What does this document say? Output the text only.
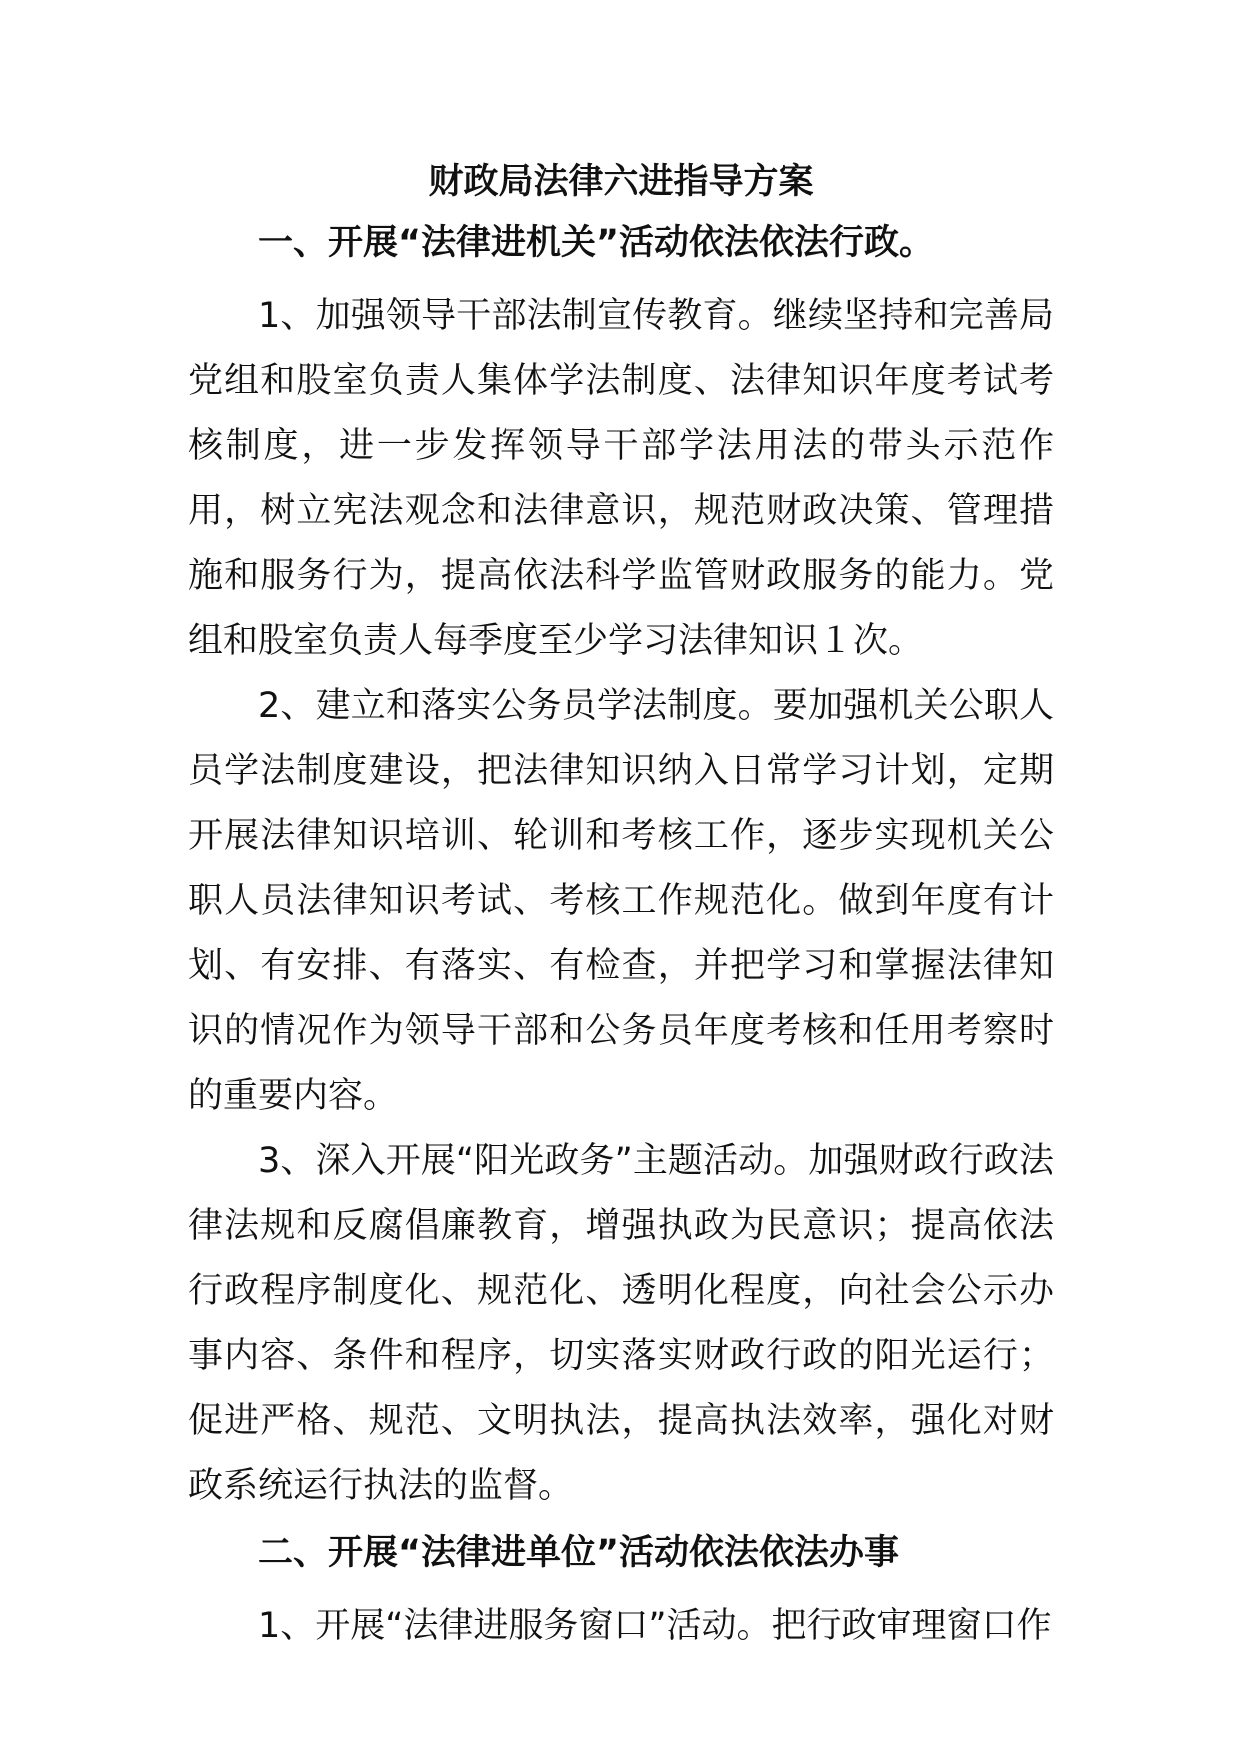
财政局法律六进指导方案
一、开展“法律进机关”活动依法依法行政。

1、加强领导干部法制宣传教育。继续坚持和完善局党组和股室负责人集体学法制度、法律知识年度考试考核制度，进一步发挥领导干部学法用法的带头示范作用，树立宪法观念和法律意识，规范财政决策、管理措施和服务行为，提高依法科学监管财政服务的能力。党组和股室负责人每季度至少学习法律知识１次。

2、建立和落实公务员学法制度。要加强机关公职人员学法制度建设，把法律知识纳入日常学习计划，定期开展法律知识培训、轮训和考核工作，逐步实现机关公职人员法律知识考试、考核工作规范化。做到年度有计划、有安排、有落实、有检查，并把学习和掌握法律知识的情况作为领导干部和公务员年度考核和任用考察时的重要内容。

3、深入开展“阳光政务”主题活动。加强财政行政法律法规和反腐倡廉教育，增强执政为民意识；提高依法行政程序制度化、规范化、透明化程度，向社会公示办事内容、条件和程序，切实落实财政行政的阳光运行；促进严格、规范、文明执法，提高执法效率，强化对财政系统运行执法的监督。

二、开展“法律进单位”活动依法依法办事

1、开展“法律进服务窗口”活动。把行政审理窗口作
